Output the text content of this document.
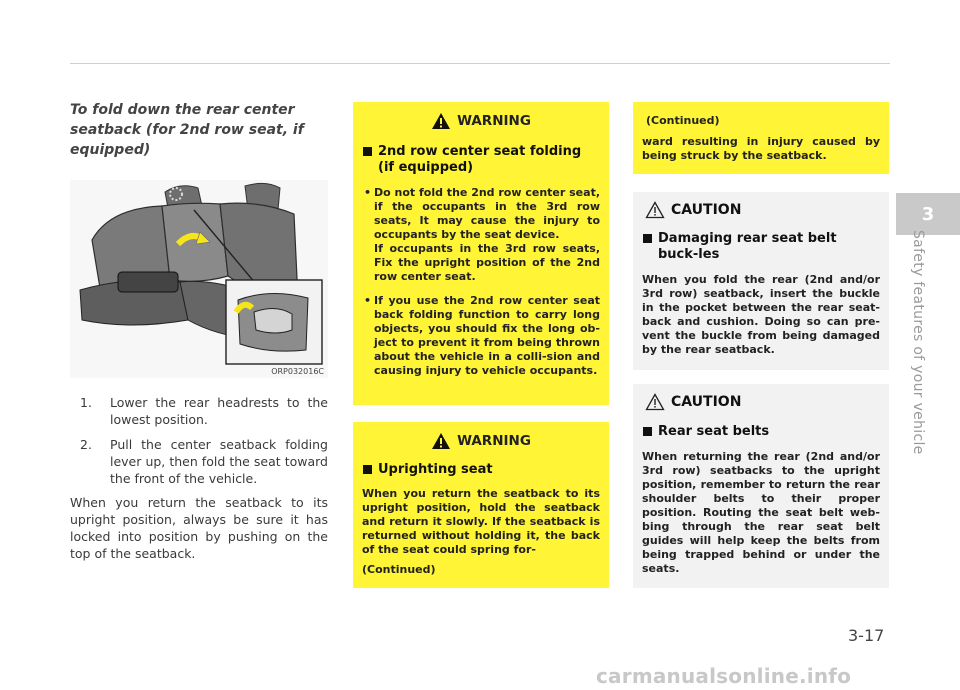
To fold down the rear center seatback (for 2nd row seat, if equipped)
ORP032016C
1. Lower the rear headrests to the lowest position.
2. Pull the center seatback folding lever up, then fold the seat toward the front of the vehicle.

When you return the seatback to its upright position, always be sure it has locked into position by pushing on the top of the seatback.

WARNING
2nd row center seat folding (if equipped)
• Do not fold the 2nd row center seat, if the occupants in the 3rd row seats, It may cause the injury to occupants by the seat device.
If occupants in the 3rd row seats, Fix the upright position of the 2nd row center seat.
• If you use the 2nd row center seat back folding function to carry long objects, you should fix the long ob-ject to prevent it from being thrown about the vehicle in a colli-sion and causing injury to vehicle occupants.
WARNING
Uprighting seat

When you return the seatback to its upright position, hold the seatback and return it slowly. If the seatback is returned without holding it, the back of the seat could spring for-

(Continued)

(Continued)

ward resulting in injury caused by being struck by the seatback.

CAUTION
Damaging rear seat belt buck-les

When you fold the rear (2nd and/or 3rd row) seatback, insert the buckle in the pocket between the rear seat-back and cushion. Doing so can pre-vent the buckle from being damaged by the rear seatback.

CAUTION
Rear seat belts

When returning the rear (2nd and/or 3rd row) seatbacks to the upright position, remember to return the rear shoulder belts to their proper position. Routing the seat belt web-bing through the rear seat belt guides will help keep the belts from being trapped behind or under the seats.

3
Safety features of your vehicle
3-17
carmanualsonline.info
